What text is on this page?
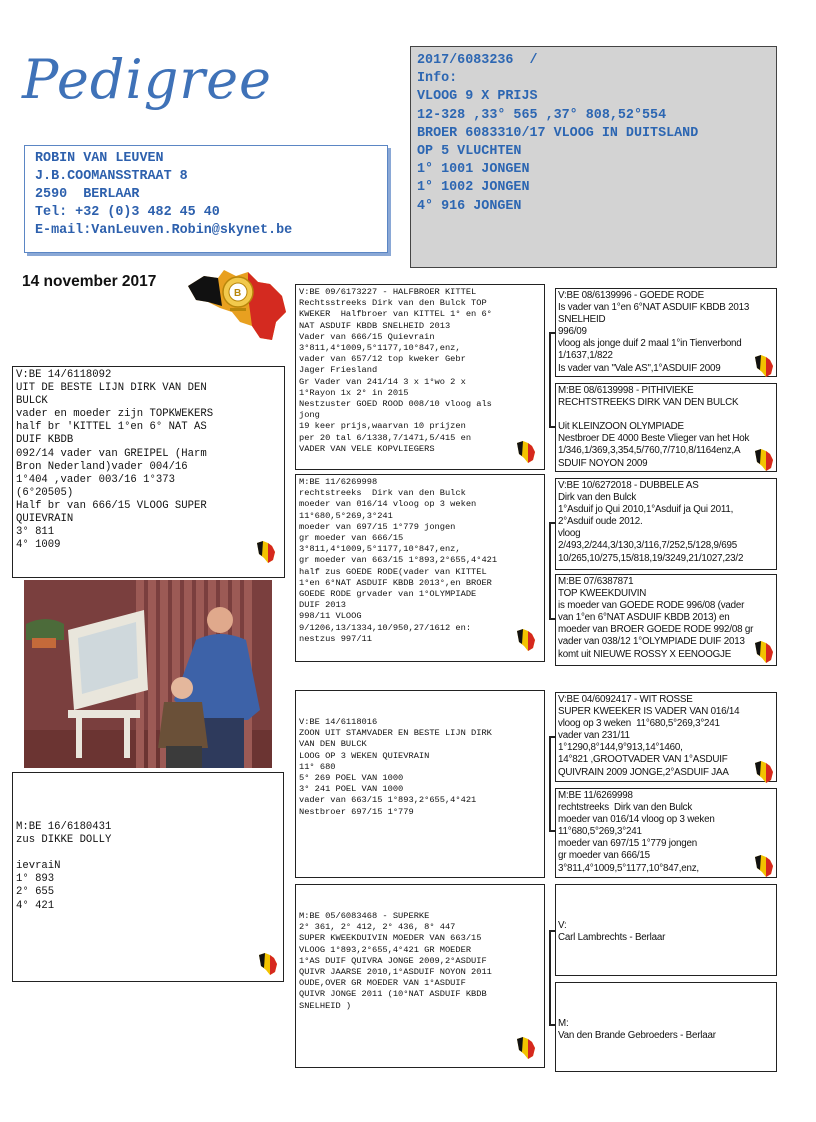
Pedigree
ROBIN VAN LEUVEN
J.B.COOMANSSTRAAT 8
2590  BERLAAR
Tel: +32 (0)3 482 45 40
E-mail:VanLeuven.Robin@skynet.be
2017/6083236  /
Info:
VLOOG 9 X PRIJS
12-328 ,33° 565 ,37° 808,52°554
BROER 6083310/17 VLOOG IN DUITSLAND
OP 5 VLUCHTEN
1° 1001 JONGEN
1° 1002 JONGEN
4° 916 JONGEN
14 november 2017
B
V:BE 14/6118092
UIT DE BESTE LIJN DIRK VAN DEN
BULCK
vader en moeder zijn TOPKWEKERS
half br 'KITTEL 1°en 6° NAT AS
DUIF KBDB
092/14 vader van GREIPEL (Harm
Bron Nederland)vader 004/16
1°404 ,vader 003/16 1°373
(6°20505)
Half br van 666/15 VLOOG SUPER
QUIEVRAIN
3° 811
4° 1009
M:BE 16/6180431
zus DIKKE DOLLY

ievraiN
1° 893
2° 655
4° 421
V:BE 09/6173227 - HALFBROER KITTEL
Rechtsstreeks Dirk van den Bulck TOP
KWEKER  Halfbroer van KITTEL 1° en 6°
NAT ASDUIF KBDB SNELHEID 2013
Vader van 666/15 Quievrain
3°811,4°1009,5°1177,10°847,enz,
vader van 657/12 top kweker Gebr
Jager Friesland
Gr Vader van 241/14 3 x 1°wo 2 x
1°Rayon 1x 2° in 2015
Nestzuster GOED ROOD 008/10 vloog als
jong
19 keer prijs,waarvan 10 prijzen
per 20 tal 6/1338,7/1471,5/415 en
VADER VAN VELE KOPVLIEGERS
M:BE 11/6269998
rechtstreeks  Dirk van den Bulck
moeder van 016/14 vloog op 3 weken
11°680,5°269,3°241
moeder van 697/15 1°779 jongen
gr moeder van 666/15
3°811,4°1009,5°1177,10°847,enz,
gr moeder van 663/15 1°893,2°655,4°421
half zus GOEDE RODE(vader van KITTEL
1°en 6°NAT ASDUIF KBDB 2013°,en BROER
GOEDE RODE grvader van 1°OLYMPIADE
DUIF 2013
998/11 VLOOG
9/1206,13/1334,10/950,27/1612 en:
nestzus 997/11
V:BE 14/6118016
ZOON UIT STAMVADER EN BESTE LIJN DIRK
VAN DEN BULCK
LOOG OP 3 WEKEN QUIEVRAIN
11° 680
5° 269 POEL VAN 1000
3° 241 POEL VAN 1000
vader van 663/15 1°893,2°655,4°421
Nestbroer 697/15 1°779
M:BE 05/6083468 - SUPERKE
2° 361, 2° 412, 2° 436, 8° 447
SUPER KWEEKDUIVIN MOEDER VAN 663/15
VLOOG 1°893,2°655,4°421 GR MOEDER
1°AS DUIF QUIVRA JONGE 2009,2°ASDUIF
QUIVR JAARSE 2010,1°ASDUIF NOYON 2011
OUDE,OVER GR MOEDER VAN 1°ASDUIF
QUIVR JONGE 2011 (10°NAT ASDUIF KBDB
SNELHEID )
V:BE 08/6139996 - GOEDE RODE
Is vader van 1°en 6°NAT ASDUIF KBDB 2013
SNELHEID
996/09
vloog als jonge duif 2 maal 1°in Tienverbond
1/1637,1/822
Is vader van "Vale AS",1°ASDUIF 2009
M:BE 08/6139998 - PITHIVIEKE
RECHTSTREEKS DIRK VAN DEN BULCK

Uit KLEINZOON OLYMPIADE
Nestbroer DE 4000 Beste Vlieger van het Hok
1/346,1/369,3,354,5/760,7/710,8/1164enz,A
SDUIF NOYON 2009
V:BE 10/6272018 - DUBBELE AS
Dirk van den Bulck
1°Asduif jo Qui 2010,1°Asduif ja Qui 2011,
2°Asduif oude 2012.
vloog
2/493,2/244,3/130,3/116,7/252,5/128,9/695
10/265,10/275,15/818,19/3249,21/1027,23/2
M:BE 07/6387871
TOP KWEEKDUIVIN
is moeder van GOEDE RODE 996/08 (vader
van 1°en 6°NAT ASDUIF KBDB 2013) en
moeder van BROER GOEDE RODE 992/08 gr
vader van 038/12 1°OLYMPIADE DUIF 2013
komt uit NIEUWE ROSSY X EENOOGJE
V:BE 04/6092417 - WIT ROSSE
SUPER KWEEKER IS VADER VAN 016/14
vloog op 3 weken  11°680,5°269,3°241
vader van 231/11
1°1290,8°144,9°913,14°1460,
14°821 ,GROOTVADER VAN 1°ASDUIF
QUIVRAIN 2009 JONGE,2°ASDUIF JAA
M:BE 11/6269998
rechtstreeks  Dirk van den Bulck
moeder van 016/14 vloog op 3 weken
11°680,5°269,3°241
moeder van 697/15 1°779 jongen
gr moeder van 666/15
3°811,4°1009,5°1177,10°847,enz,
V:
Carl Lambrechts - Berlaar
M:
Van den Brande Gebroeders - Berlaar
